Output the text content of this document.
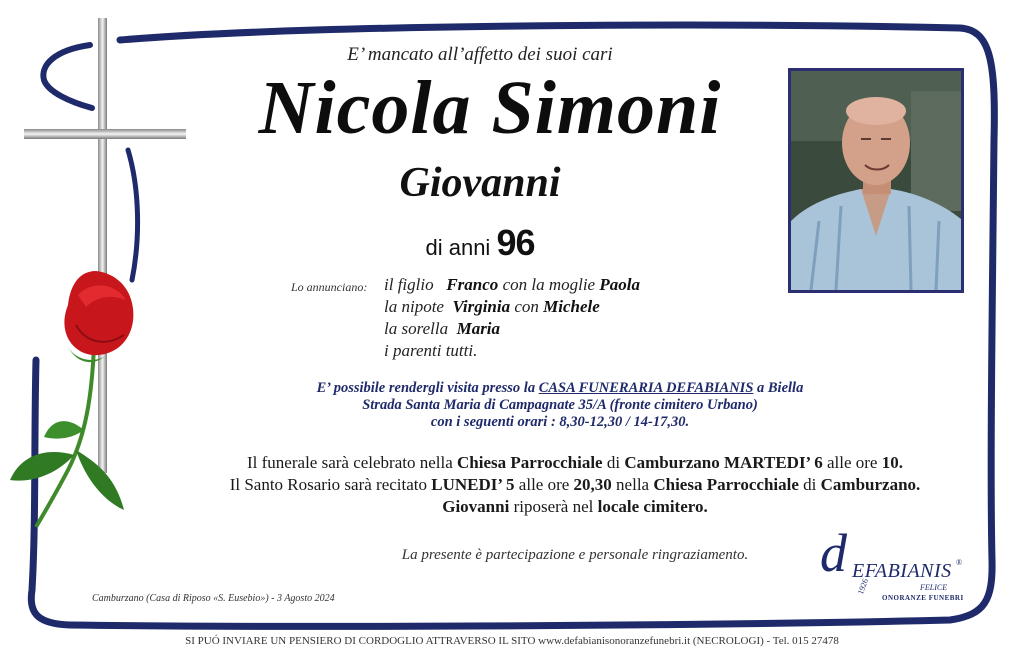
E’ mancato all’affetto dei suoi cari
Nicola Simoni
Giovanni
di anni 96
Lo annunciano: il figlio Franco con la moglie Paola
la nipote Virginia con Michele
la sorella Maria
i parenti tutti.
E’ possibile rendergli visita presso la CASA FUNERARIA DEFABIANIS a Biella
Strada Santa Maria di Campagnate 35/A (fronte cimitero Urbano)
con i seguenti orari : 8,30-12,30 / 14-17,30.
Il funerale sarà celebrato nella Chiesa Parrocchiale di Camburzano MARTEDI’ 6 alle ore 10.
Il Santo Rosario sarà recitato LUNEDI’ 5 alle ore 20,30 nella Chiesa Parrocchiale di Camburzano.
Giovanni riposerà nel locale cimitero.
La presente è partecipazione e personale ringraziamento.
Camburzano (Casa di Riposo «S. Eusebio») - 3 Agosto 2024
SI PUÓ INVIARE UN PENSIERO DI CORDOGLIO ATTRAVERSO IL SITO www.defabianisonoranzefunebri.it (NECROLOGI) - Tel. 015 27478
d EFABIANIS ®
1926	FELICE
ONORANZE FUNEBRI
